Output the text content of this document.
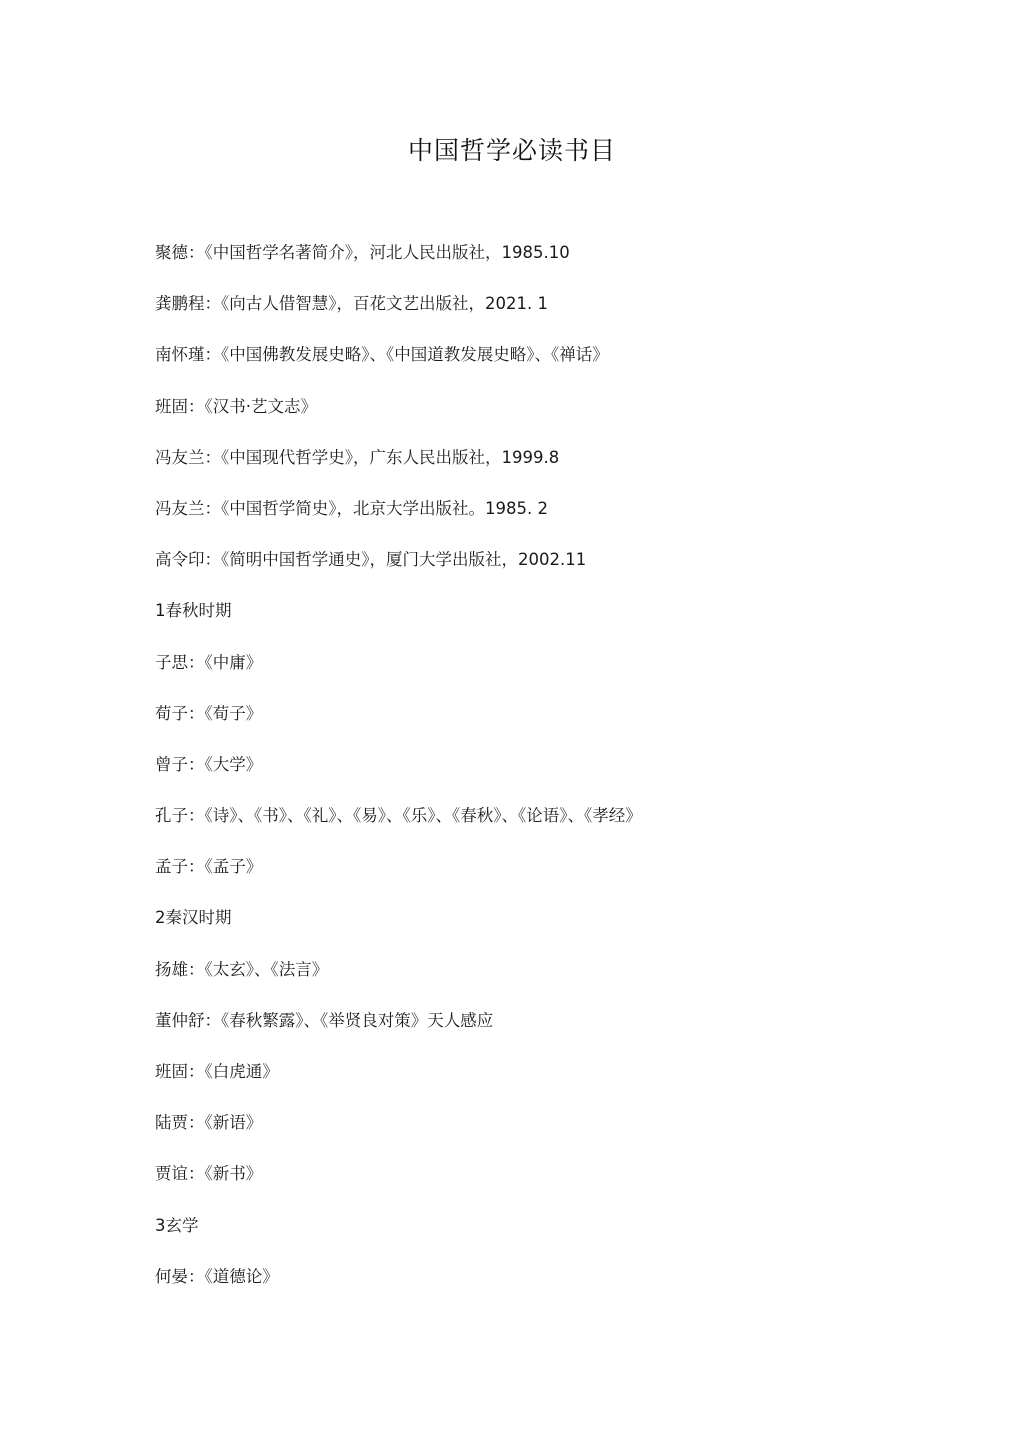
中国哲学必读书目
聚德：《中国哲学名著简介》，河北人民出版社，1985.10
龚鹏程：《向古人借智慧》，百花文艺出版社，2021. 1
南怀瑾：《中国佛教发展史略》、《中国道教发展史略》、《禅话》
班固：《汉书·艺文志》
冯友兰：《中国现代哲学史》，广东人民出版社，1999.8
冯友兰：《中国哲学简史》，北京大学出版社。1985. 2
高令印：《简明中国哲学通史》，厦门大学出版社，2002.11
1春秋时期
子思：《中庸》
荀子：《荀子》
曾子：《大学》
孔子：《诗》、《书》、《礼》、《易》、《乐》、《春秋》、《论语》、《孝经》
孟子：《孟子》
2秦汉时期
扬雄：《太玄》、《法言》
董仲舒：《春秋繁露》、《举贤良对策》天人感应
班固：《白虎通》
陆贾：《新语》
贾谊：《新书》
3玄学
何晏：《道德论》
